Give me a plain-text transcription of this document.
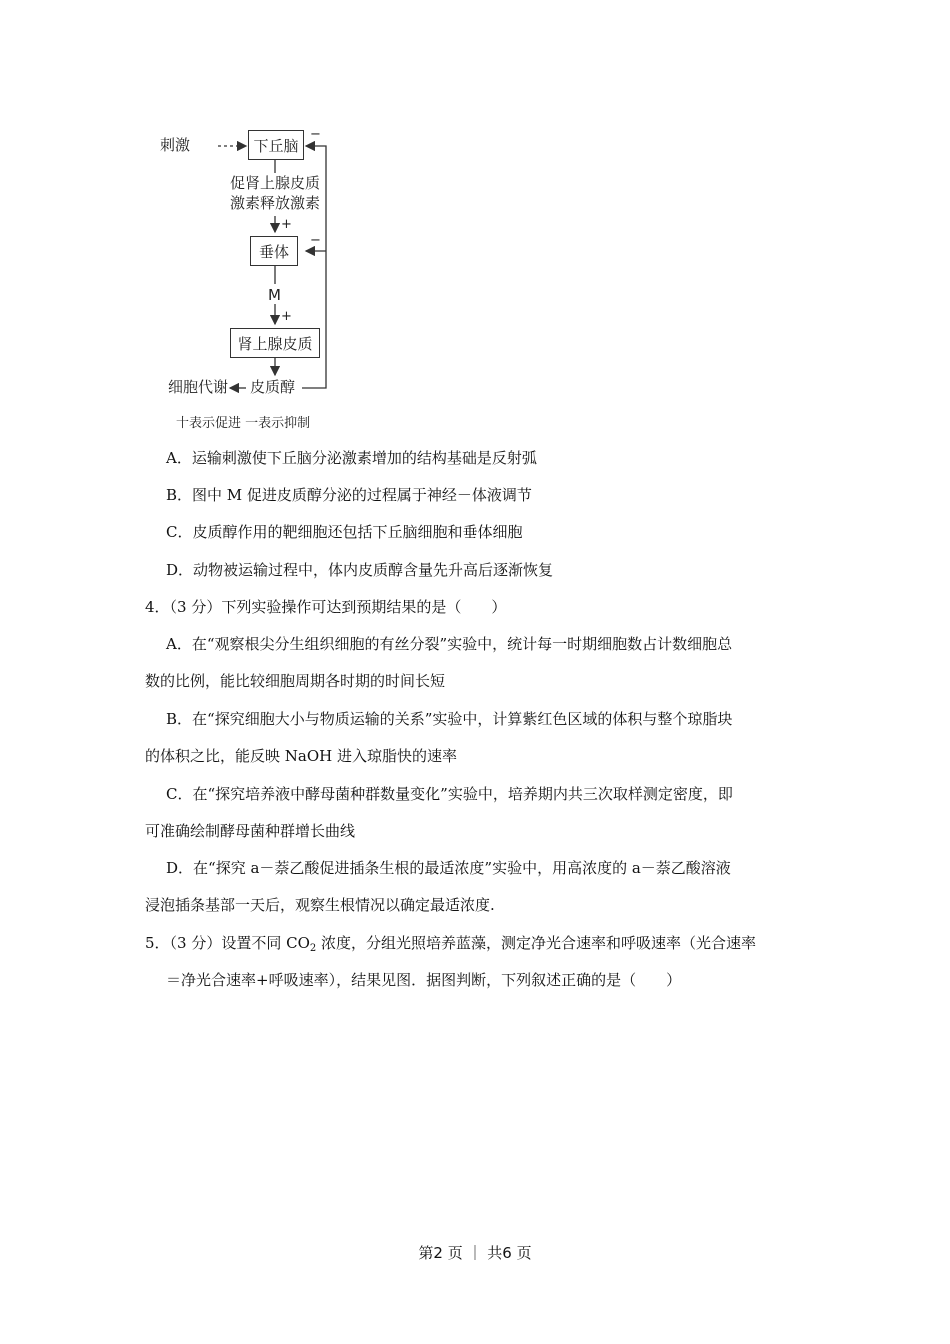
刺激	下丘脑
−
促肾上腺皮质
激素释放激素
+
垂体
−
M
+
肾上腺皮质
细胞代谢 皮质醇
十表示促进 一表示抑制
A．运输刺激使下丘脑分泌激素增加的结构基础是反射弧
B．图中 M 促进皮质醇分泌的过程属于神经－体液调节
C．皮质醇作用的靶细胞还包括下丘脑细胞和垂体细胞
D．动物被运输过程中，体内皮质醇含量先升高后逐渐恢复
4．（3 分）下列实验操作可达到预期结果的是（　　）
A．在“观察根尖分生组织细胞的有丝分裂”实验中，统计每一时期细胞数占计数细胞总
数的比例，能比较细胞周期各时期的时间长短
B．在“探究细胞大小与物质运输的关系”实验中，计算紫红色区域的体积与整个琼脂块
的体积之比，能反映 NaOH 进入琼脂快的速率
C．在“探究培养液中酵母菌种群数量变化”实验中，培养期内共三次取样测定密度，即
可准确绘制酵母菌种群增长曲线
D．在“探究 a－萘乙酸促进插条生根的最适浓度”实验中，用高浓度的 a－萘乙酸溶液
浸泡插条基部一天后，观察生根情况以确定最适浓度.
5．（3 分）设置不同 $CO_2$ 浓度，分组光照培养蓝藻，测定净光合速率和呼吸速率（光合速率
＝净光合速率+呼吸速率），结果见图．据图判断，下列叙述正确的是（　　）
第2 页 ｜ 共6 页
